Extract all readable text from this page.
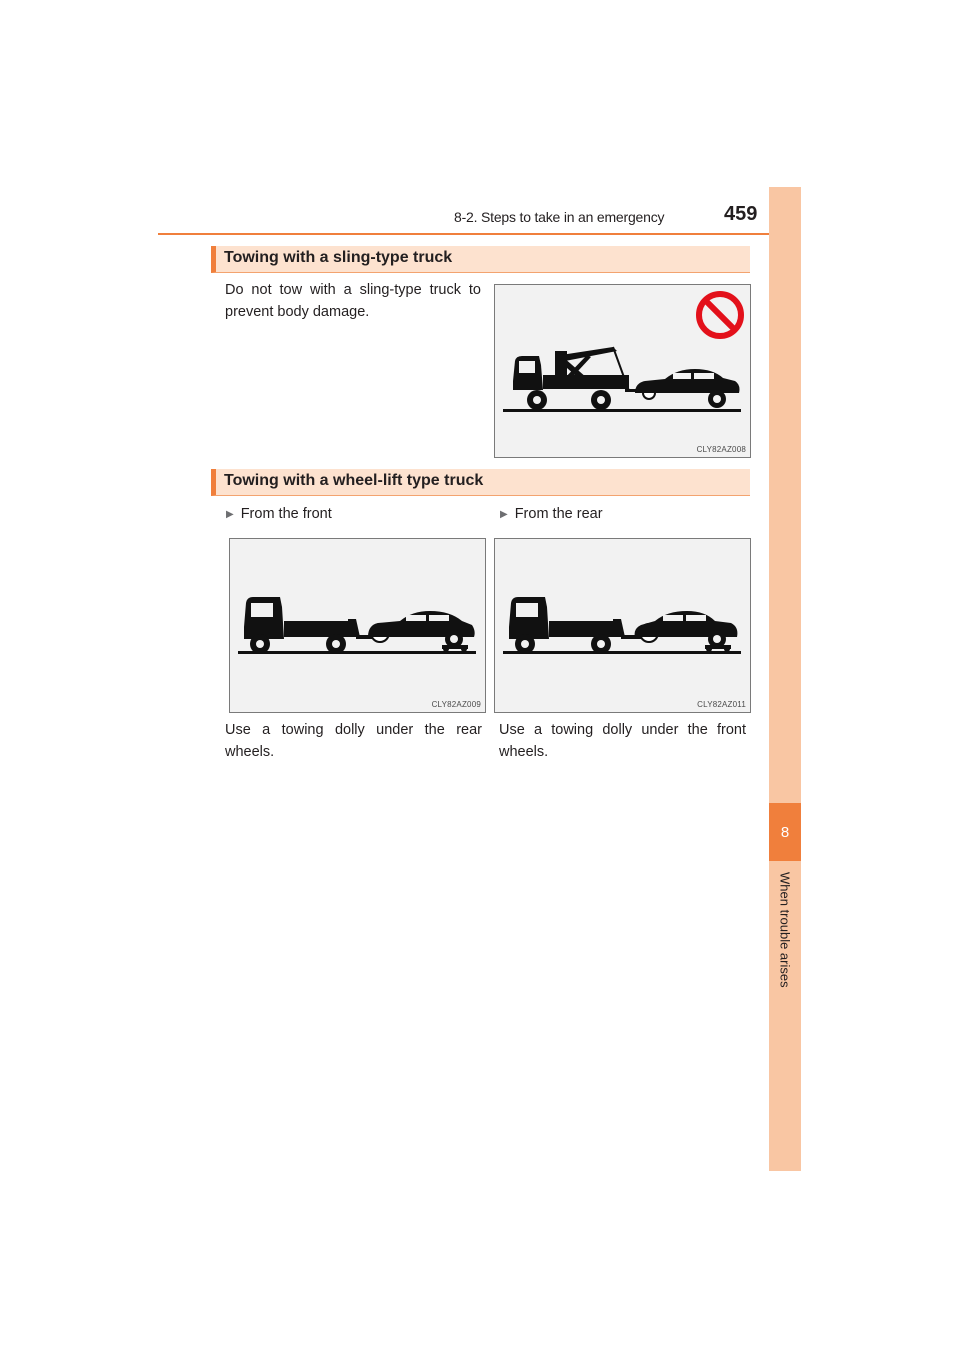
8-2. Steps to take in an emergency	459
8
When trouble arises
Towing with a sling-type truck
Do not tow with a sling-type truck to prevent body damage.
CLY82AZ008
Towing with a wheel-lift type truck
▶ From the front	▶ From the rear
CLY82AZ009	CLY82AZ011
Use a towing dolly under the rear wheels.
Use a towing dolly under the front wheels.
